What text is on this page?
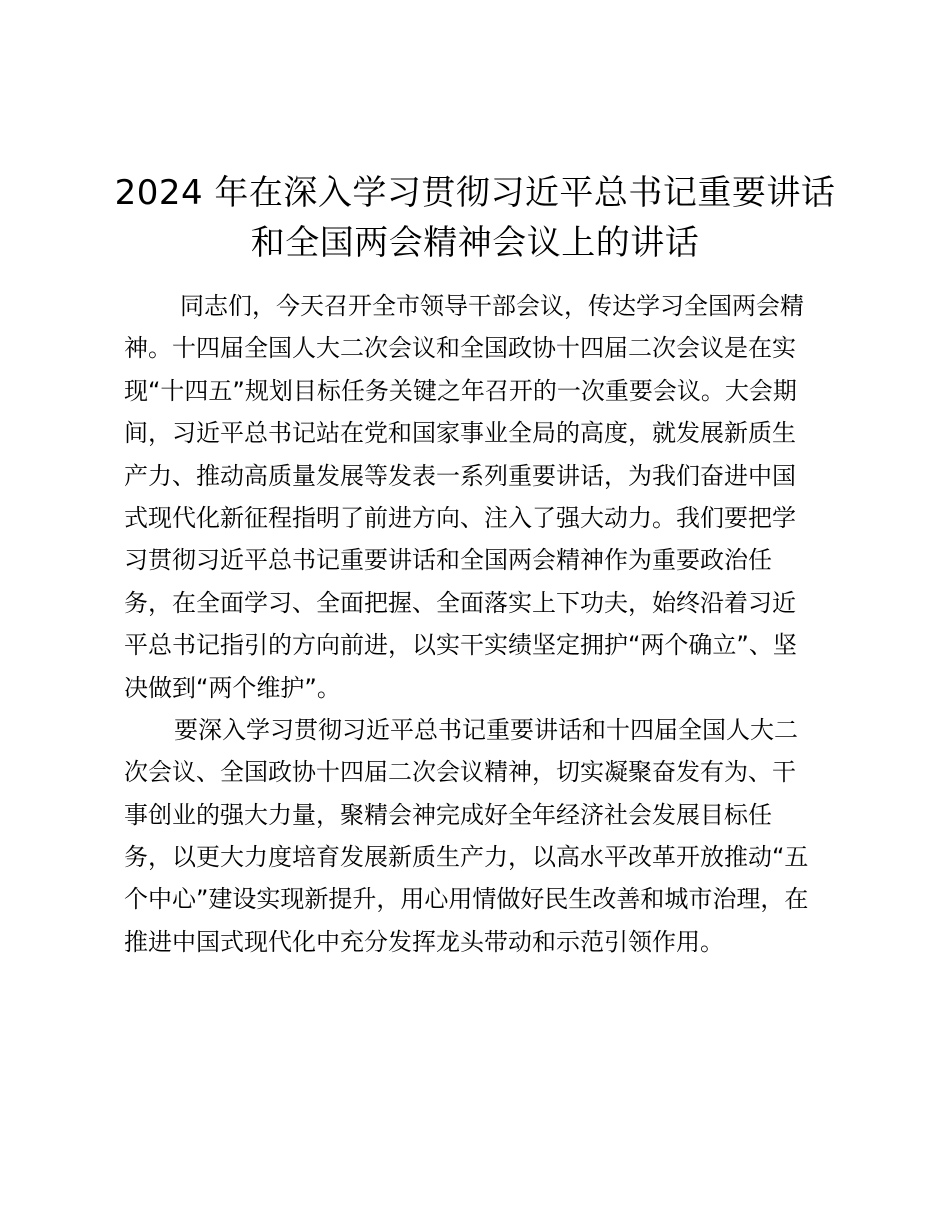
2024 年在深入学习贯彻习近平总书记重要讲话
和全国两会精神会议上的讲话
同志们，今天召开全市领导干部会议，传达学习全国两会精
神。十四届全国人大二次会议和全国政协十四届二次会议是在实
现“十四五”规划目标任务关键之年召开的一次重要会议。大会期
间，习近平总书记站在党和国家事业全局的高度，就发展新质生
产力、推动高质量发展等发表一系列重要讲话，为我们奋进中国
式现代化新征程指明了前进方向、注入了强大动力。我们要把学
习贯彻习近平总书记重要讲话和全国两会精神作为重要政治任
务，在全面学习、全面把握、全面落实上下功夫，始终沿着习近
平总书记指引的方向前进，以实干实绩坚定拥护“两个确立”、坚
决做到“两个维护”。
要深入学习贯彻习近平总书记重要讲话和十四届全国人大二
次会议、全国政协十四届二次会议精神，切实凝聚奋发有为、干
事创业的强大力量，聚精会神完成好全年经济社会发展目标任
务，以更大力度培育发展新质生产力，以高水平改革开放推动“五
个中心”建设实现新提升，用心用情做好民生改善和城市治理，在
推进中国式现代化中充分发挥龙头带动和示范引领作用。
